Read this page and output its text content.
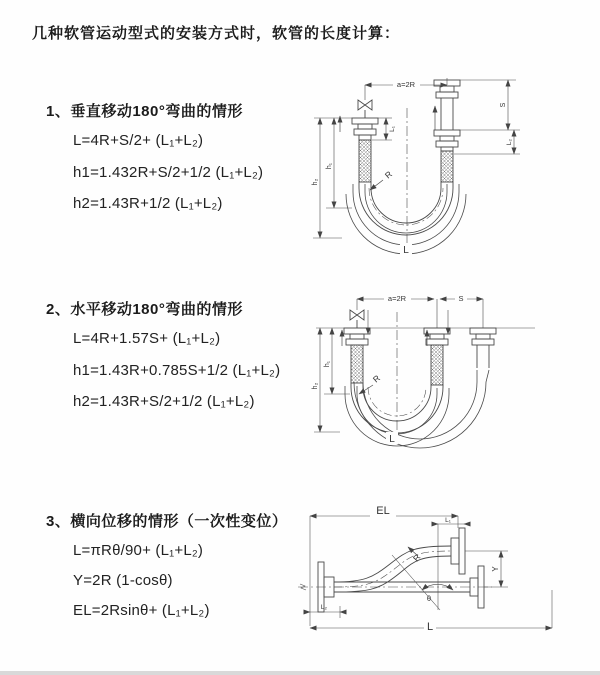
几种软管运动型式的安装方式时，软管的长度计算：
1、垂直移动180°弯曲的情形
L=4R+S/2+ (L₁+L₂)
h1=1.432R+S/2+1/2 (L₁+L₂)
h2=1.43R+1/2 (L₁+L₂)
2、水平移动180°弯曲的情形
L=4R+1.57S+ (L₁+L₂)
h1=1.43R+0.785S+1/2 (L₁+L₂)
h2=1.43R+S/2+1/2 (L₁+L₂)
3、横向位移的情形（一次性变位）
L=πRθ/90+ (L₁+L₂)
Y=2R (1-cosθ)
EL=2Rsinθ+ (L₁+L₂)
a=2R
h₁
h₂
L₁
S
L₂
R
L
a=2R	S
h₁
h₂
R
L
EL
L₁
Y
R
θ
L
L₂
